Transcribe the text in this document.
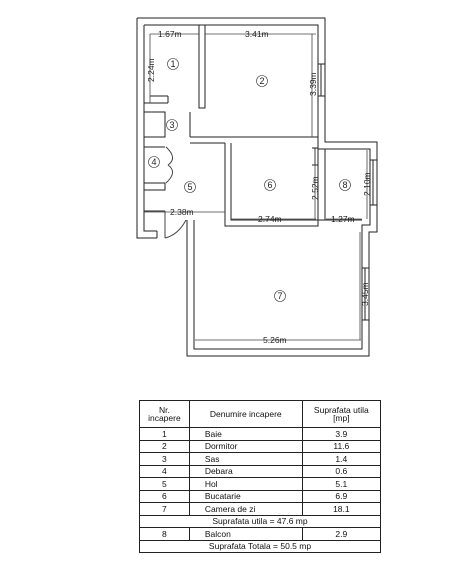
1.67m	3.41m
2.38m
2.74m	1.27m
5.26m
2.24m
3.39m
2.52m	2.10m
3.45m
1
2
3
4
5	6
7
8
Nr. incapere	Denumire incapere	Suprafata utila [mp]
1	Baie	3.9
2	Dormitor	11.6
3	Sas	1.4
4	Debara	0.6
5	Hol	5.1
6	Bucatarie	6.9
7	Camera de zi	18.1
Suprafata utila = 47.6 mp		
8	Balcon	2.9
Suprafata Totala = 50.5 mp		
